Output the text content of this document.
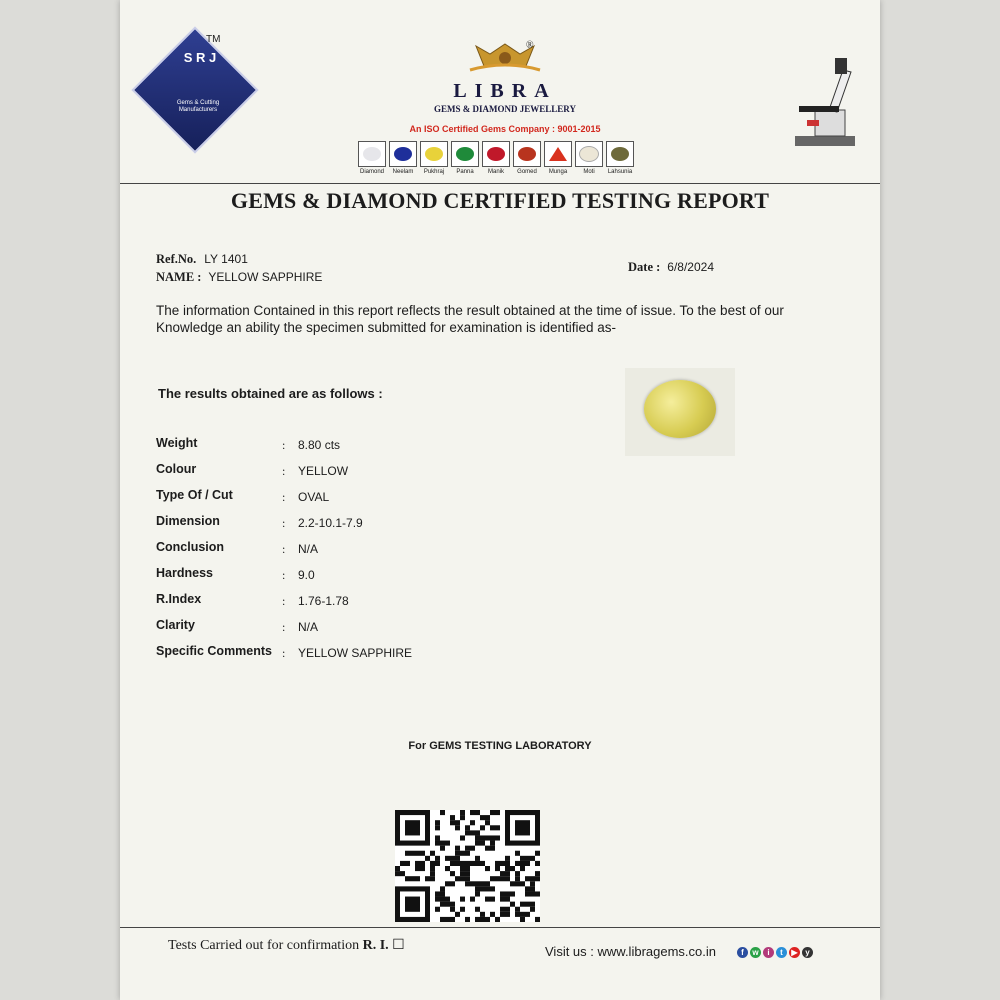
S R J
Gems & Cutting Manufacturers
TM
®
LIBRA
GEMS & DIAMOND JEWELLERY
An ISO Certified Gems Company : 9001-2015
Diamond Neelam Pukhraj Panna Manik Gomed Munga	Moti Lahsunia
GEMS & DIAMOND CERTIFIED TESTING REPORT
Ref.No. LY 1401
NAME : YELLOW SAPPHIRE
Date : 6/8/2024
The information Contained in this report reflects the result obtained at the time of issue. To the best of our Knowledge an ability the specimen submitted for examination is identified as-
The results obtained are as follows :
Weight	: 8.80 cts
Colour	: YELLOW
Type Of / Cut	: OVAL
Dimension	: 2.2-10.1-7.9
Conclusion	: N/A
Hardness	: 9.0
R.Index	: 1.76-1.78
Clarity	: N/A
Specific Comments : YELLOW SAPPHIRE
For GEMS TESTING LABORATORY
Tests Carried out for confirmation R. I. ☐	Visit us : www.libragems.co.in	f	w	i	t	▶ y
